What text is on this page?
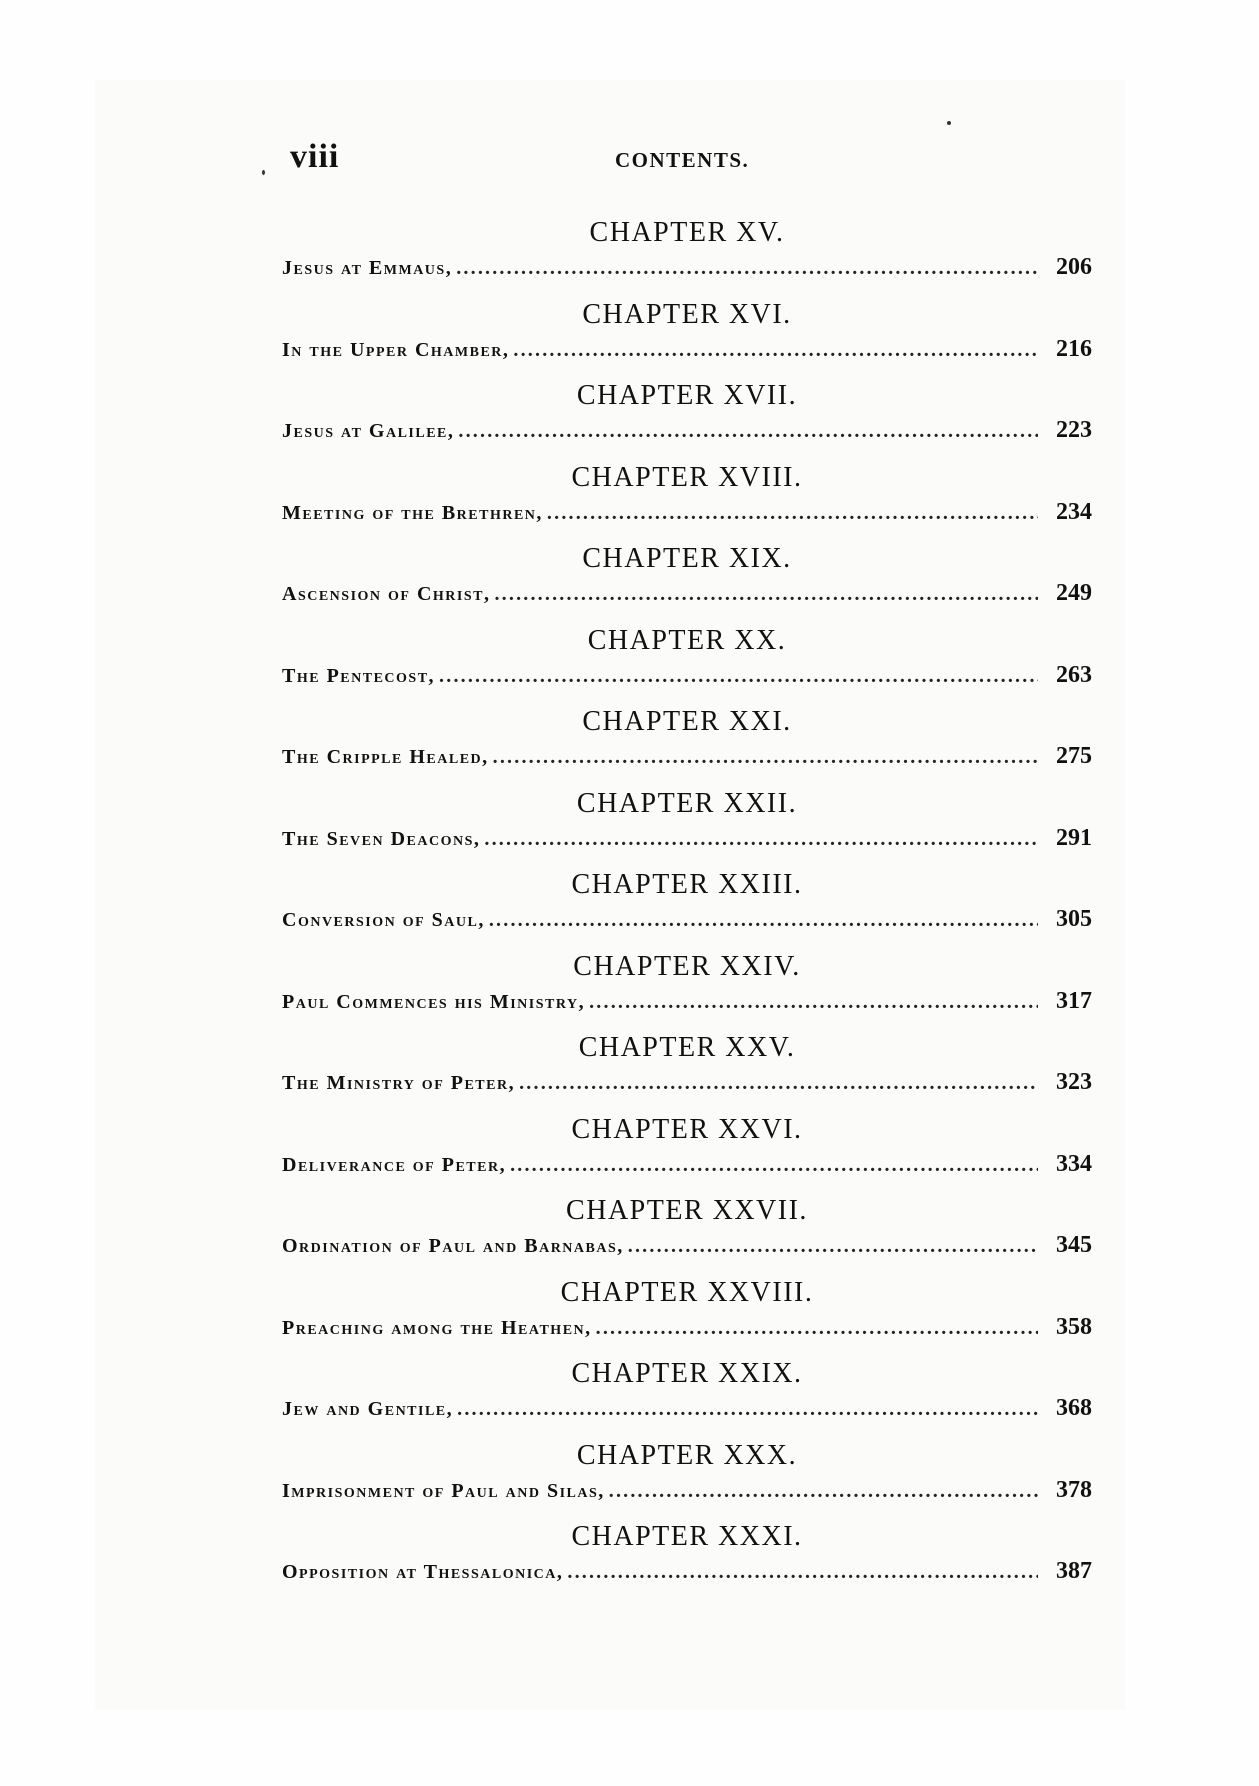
viii	CONTENTS.
CHAPTER XV.
Jesus at Emmaus, .....	206
CHAPTER XVI.
In the Upper Chamber, .....	216
CHAPTER XVII.
Jesus at Galilee, .....	223
CHAPTER XVIII.
Meeting of the Brethren, .....	234
CHAPTER XIX.
Ascension of Christ, .....	249
CHAPTER XX.
The Pentecost, .....	263
CHAPTER XXI.
The Cripple Healed, .....	275
CHAPTER XXII.
The Seven Deacons, .....	291
CHAPTER XXIII.
Conversion of Saul, .....	305
CHAPTER XXIV.
Paul Commences his Ministry, .....	317
CHAPTER XXV.
The Ministry of Peter, .....	323
CHAPTER XXVI.
Deliverance of Peter, .....	334
CHAPTER XXVII.
Ordination of Paul and Barnabas, .....	345
CHAPTER XXVIII.
Preaching among the Heathen, .....	358
CHAPTER XXIX.
Jew and Gentile, .....	368
CHAPTER XXX.
Imprisonment of Paul and Silas, .....	378
CHAPTER XXXI.
Opposition at Thessalonica, .....	387
